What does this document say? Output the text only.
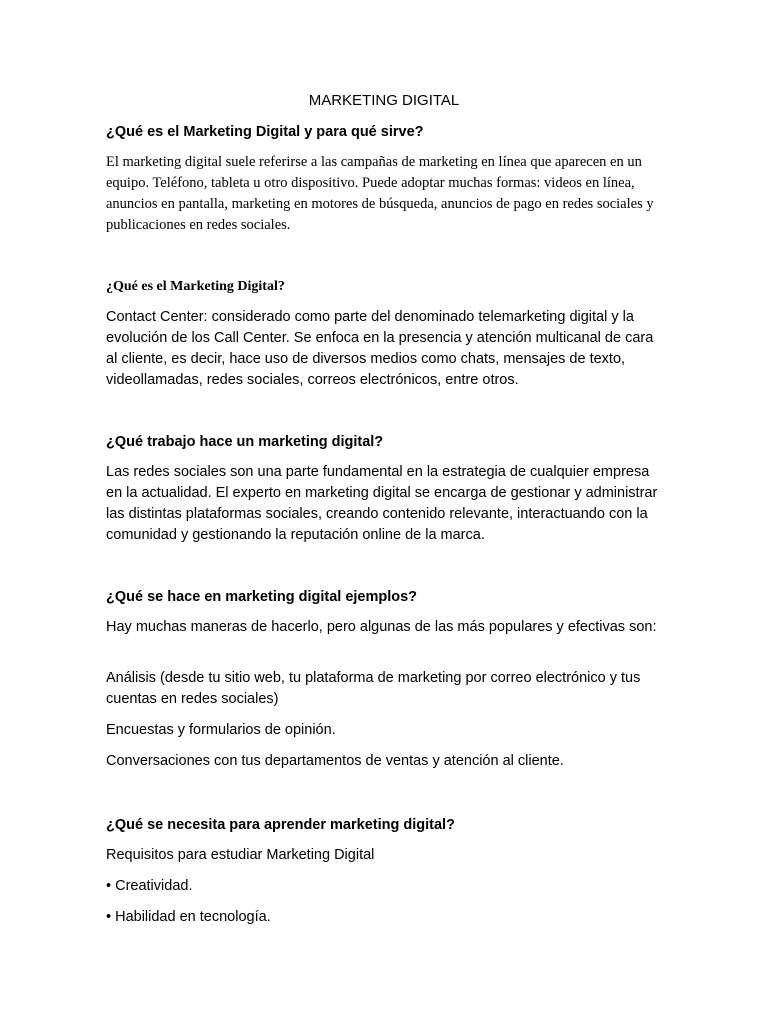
MARKETING DIGITAL
¿Qué es el Marketing Digital y para qué sirve?

El marketing digital suele referirse a las campañas de marketing en línea que aparecen en un equipo. Teléfono, tableta u otro dispositivo. Puede adoptar muchas formas: videos en línea, anuncios en pantalla, marketing en motores de búsqueda, anuncios de pago en redes sociales y publicaciones en redes sociales.

¿Qué es el Marketing Digital?

Contact Center: considerado como parte del denominado telemarketing digital y la evolución de los Call Center. Se enfoca en la presencia y atención multicanal de cara al cliente, es decir, hace uso de diversos medios como chats, mensajes de texto, videollamadas, redes sociales, correos electrónicos, entre otros.

¿Qué trabajo hace un marketing digital?

Las redes sociales son una parte fundamental en la estrategia de cualquier empresa en la actualidad. El experto en marketing digital se encarga de gestionar y administrar las distintas plataformas sociales, creando contenido relevante, interactuando con la comunidad y gestionando la reputación online de la marca.

¿Qué se hace en marketing digital ejemplos?

Hay muchas maneras de hacerlo, pero algunas de las más populares y efectivas son:

Análisis (desde tu sitio web, tu plataforma de marketing por correo electrónico y tus cuentas en redes sociales)

Encuestas y formularios de opinión.

Conversaciones con tus departamentos de ventas y atención al cliente.

¿Qué se necesita para aprender marketing digital?

Requisitos para estudiar Marketing Digital

• Creatividad.

• Habilidad en tecnología.
